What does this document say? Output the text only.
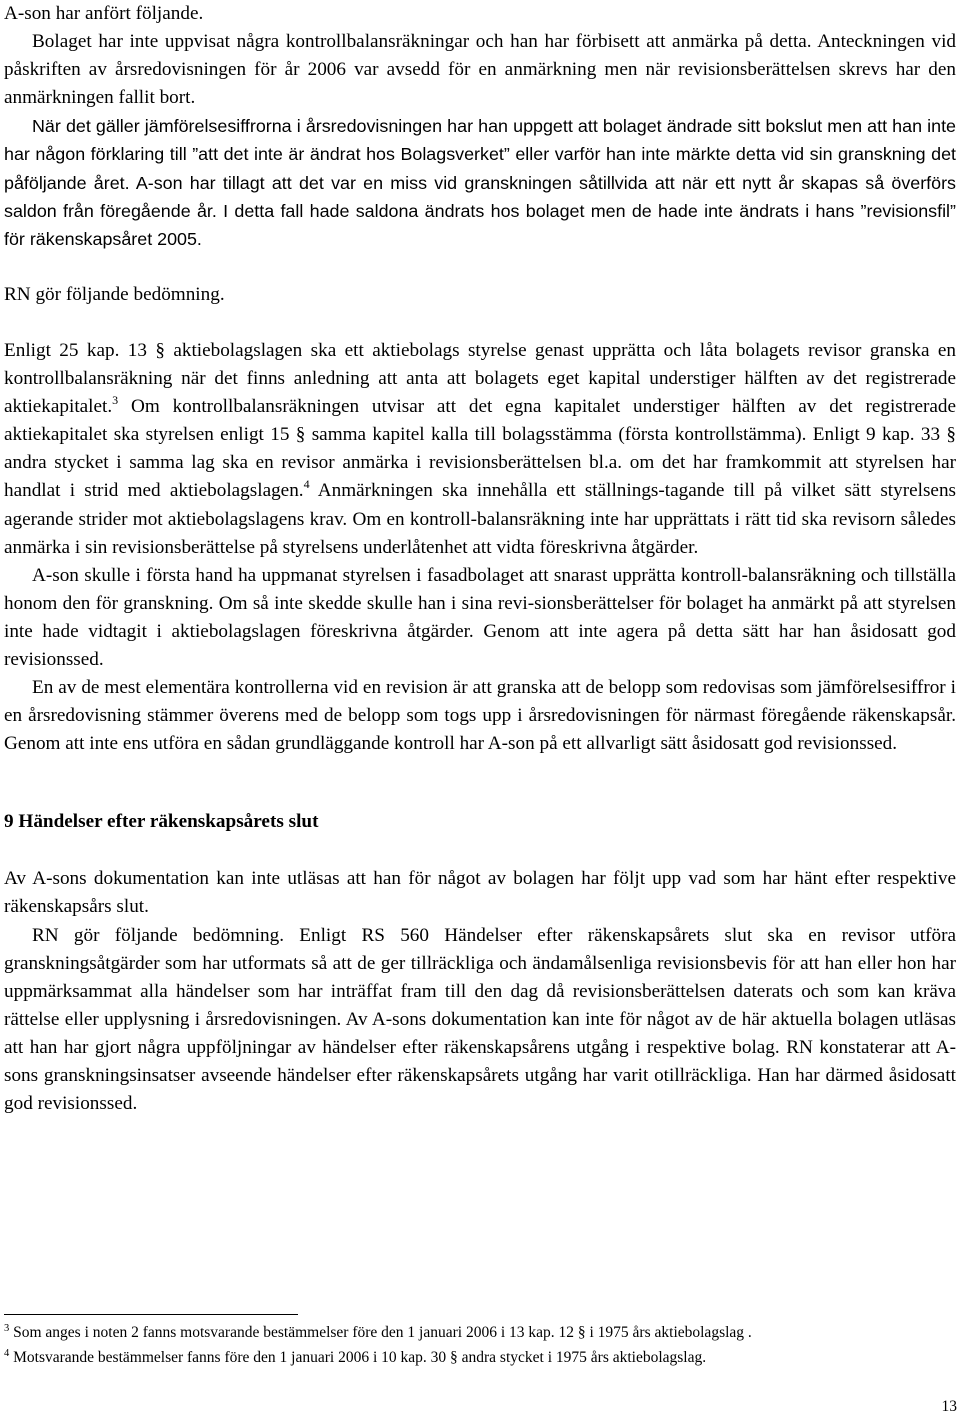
A-son har anfört följande.

Bolaget har inte uppvisat några kontrollbalansräkningar och han har förbisett att anmärka på detta. Anteckningen vid påskriften av årsredovisningen för år 2006 var avsedd för en anmärkning men när revisionsberättelsen skrevs har den anmärkningen fallit bort.

När det gäller jämförelsesiffrorna i årsredovisningen har han uppgett att bolaget ändrade sitt bokslut men att han inte har någon förklaring till ”att det inte är ändrat hos Bolagsverket” eller varför han inte märkte detta vid sin granskning det påföljande året. A-son har tillagt att det var en miss vid granskningen såtillvida att när ett nytt år skapas så överförs saldon från föregående år. I detta fall hade saldona ändrats hos bolaget men de hade inte ändrats i hans ”revisionsfil” för räkenskapsåret 2005.

RN gör följande bedömning.

Enligt 25 kap. 13 § aktiebolagslagen ska ett aktiebolags styrelse genast upprätta och låta bolagets revisor granska en kontrollbalansräkning när det finns anledning att anta att bolagets eget kapital understiger hälften av det registrerade aktiekapitalet.$^3$ Om kontrollbalansräkningen utvisar att det egna kapitalet understiger hälften av det registrerade aktiekapitalet ska styrelsen enligt 15 § samma kapitel kalla till bolagsstämma (första kontrollstämma). Enligt 9 kap. 33 § andra stycket i samma lag ska en revisor anmärka i revisionsberättelsen bl.a. om det har framkommit att styrelsen har handlat i strid med aktiebolagslagen.$^4$ Anmärkningen ska innehålla ett ställnings-tagande till på vilket sätt styrelsens agerande strider mot aktiebolagslagens krav. Om en kontroll-balansräkning inte har upprättats i rätt tid ska revisorn således anmärka i sin revisionsberättelse på styrelsens underlåtenhet att vidta föreskrivna åtgärder.

A-son skulle i första hand ha uppmanat styrelsen i fasadbolaget att snarast upprätta kontroll-balansräkning och tillställa honom den för granskning. Om så inte skedde skulle han i sina revi-sionsberättelser för bolaget ha anmärkt på att styrelsen inte hade vidtagit i aktiebolagslagen föreskrivna åtgärder. Genom att inte agera på detta sätt har han åsidosatt god revisionssed.

En av de mest elementära kontrollerna vid en revision är att granska att de belopp som redovisas som jämförelsesiffror i en årsredovisning stämmer överens med de belopp som togs upp i årsredovisningen för närmast föregående räkenskapsår. Genom att inte ens utföra en sådan grundläggande kontroll har A-son på ett allvarligt sätt åsidosatt god revisionssed.

9 Händelser efter räkenskapsårets slut

Av A-sons dokumentation kan inte utläsas att han för något av bolagen har följt upp vad som har hänt efter respektive räkenskapsårs slut.

RN gör följande bedömning. Enligt RS 560 Händelser efter räkenskapsårets slut ska en revisor utföra granskningsåtgärder som har utformats så att de ger tillräckliga och ändamålsenliga revisionsbevis för att han eller hon har uppmärksammat alla händelser som har inträffat fram till den dag då revisionsberättelsen daterats och som kan kräva rättelse eller upplysning i årsredovisningen. Av A-sons dokumentation kan inte för något av de här aktuella bolagen utläsas att han har gjort några uppföljningar av händelser efter räkenskapsårens utgång i respektive bolag. RN konstaterar att A-sons granskningsinsatser avseende händelser efter räkenskapsårets utgång har varit otillräckliga. Han har därmed åsidosatt god revisionssed.

$^3$ Som anges i noten 2 fanns motsvarande bestämmelser före den 1 januari 2006 i 13 kap. 12 § i 1975 års aktiebolagslag .

$^4$ Motsvarande bestämmelser fanns före den 1 januari 2006 i 10 kap. 30 § andra stycket i 1975 års aktiebolagslag.

13
